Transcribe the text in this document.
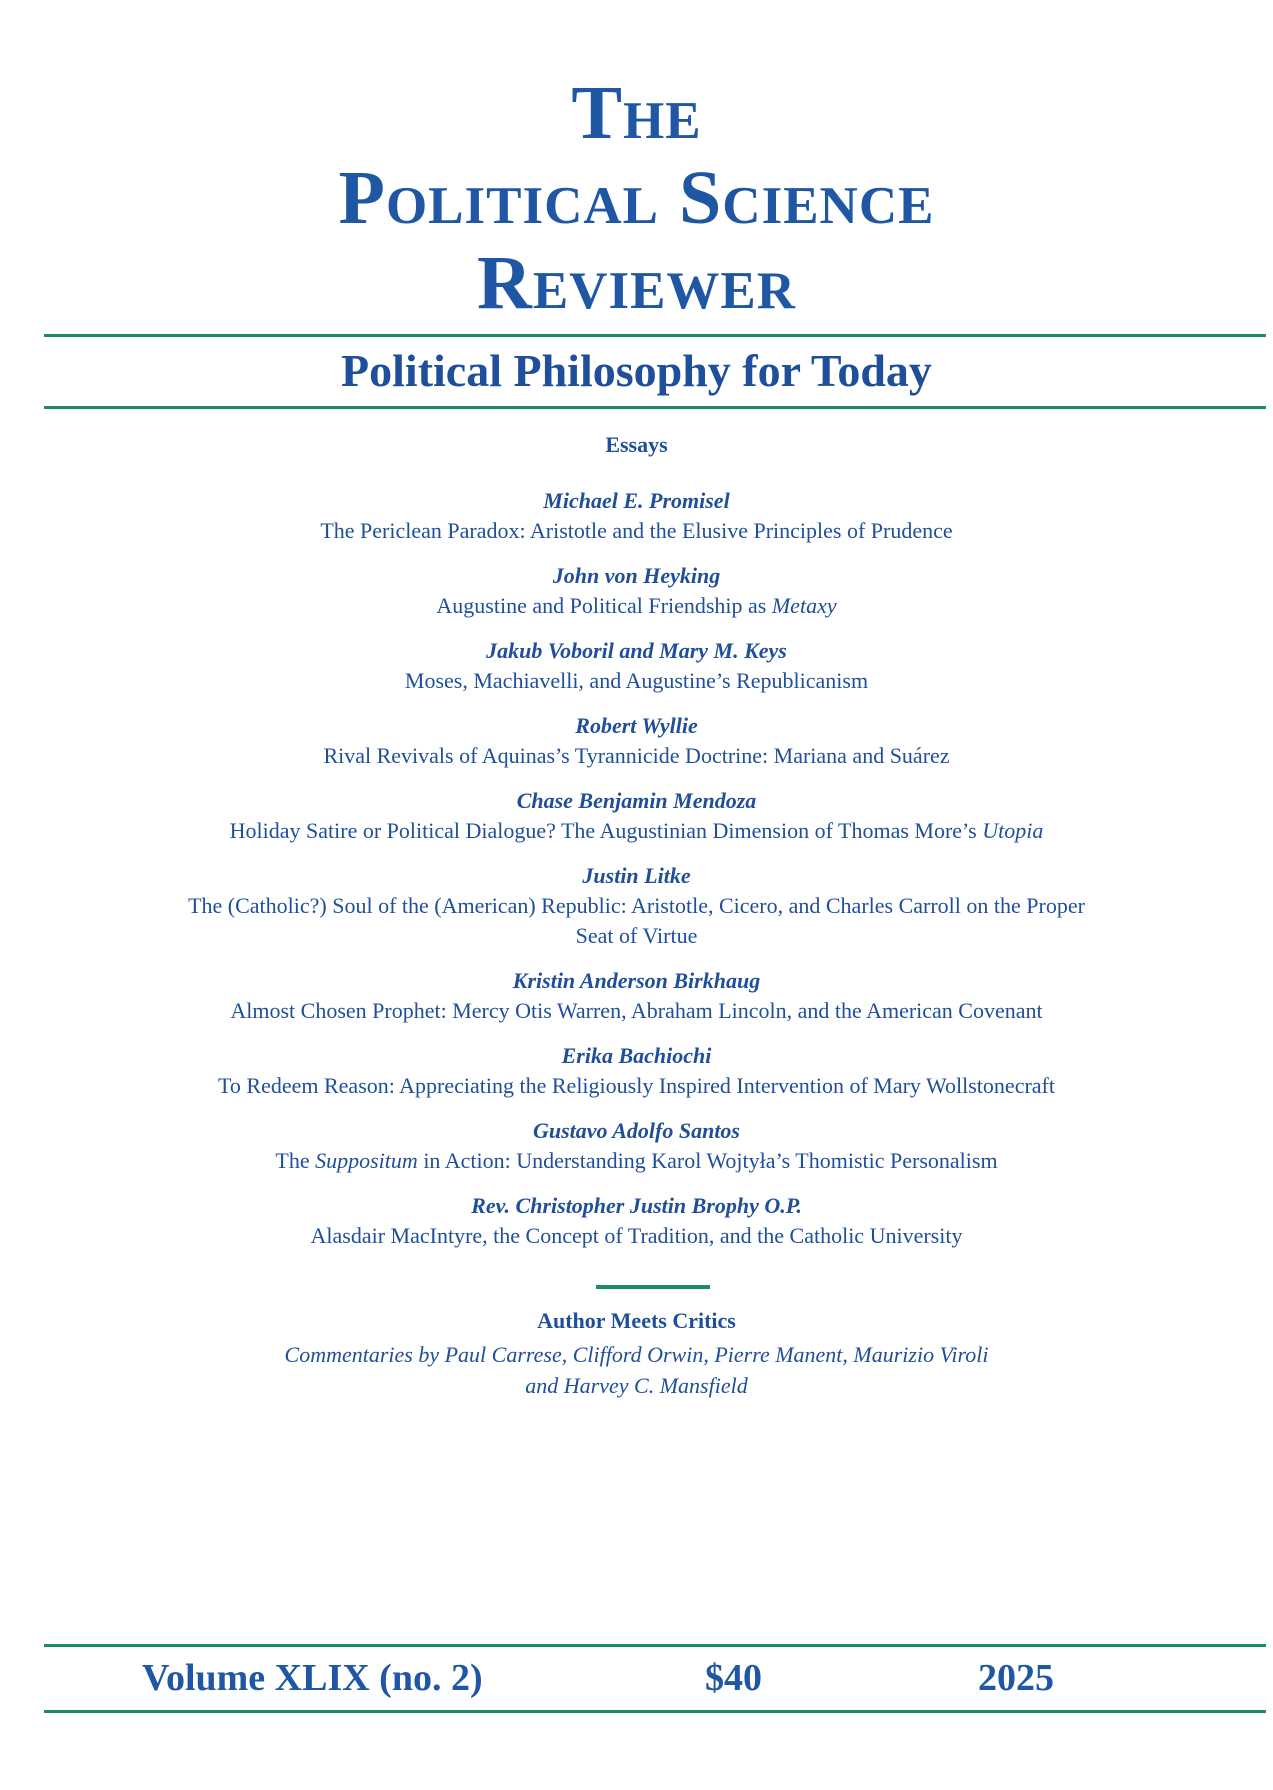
The
Political Science
Reviewer
Political Philosophy for Today
Essays
Michael E. Promisel
The Periclean Paradox: Aristotle and the Elusive Principles of Prudence
John von Heyking
Augustine and Political Friendship as Metaxy
Jakub Voboril and Mary M. Keys
Moses, Machiavelli, and Augustine’s Republicanism
Robert Wyllie
Rival Revivals of Aquinas’s Tyrannicide Doctrine: Mariana and Suárez
Chase Benjamin Mendoza
Holiday Satire or Political Dialogue? The Augustinian Dimension of Thomas More’s Utopia
Justin Litke
The (Catholic?) Soul of the (American) Republic: Aristotle, Cicero, and Charles Carroll on the Proper Seat of Virtue
Kristin Anderson Birkhaug
Almost Chosen Prophet: Mercy Otis Warren, Abraham Lincoln, and the American Covenant
Erika Bachiochi
To Redeem Reason: Appreciating the Religiously Inspired Intervention of Mary Wollstonecraft
Gustavo Adolfo Santos
The Suppositum in Action: Understanding Karol Wojtyła’s Thomistic Personalism
Rev. Christopher Justin Brophy O.P.
Alasdair MacIntyre, the Concept of Tradition, and the Catholic University
Author Meets Critics
Commentaries by Paul Carrese, Clifford Orwin, Pierre Manent, Maurizio Viroli
and Harvey C. Mansfield
Volume XLIX (no. 2)	$40	2025
